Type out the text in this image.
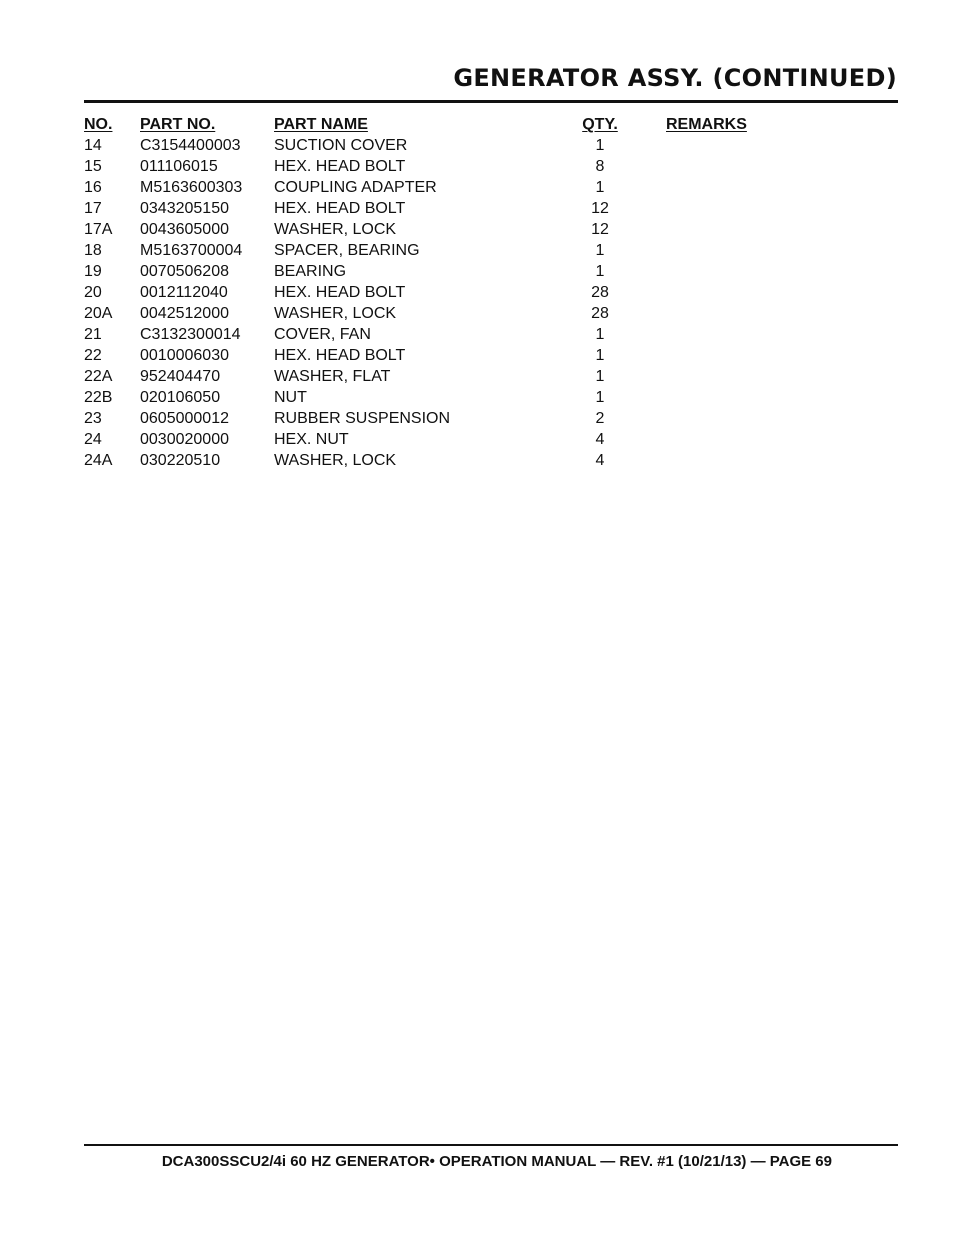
GENERATOR ASSY. (CONTINUED)
NO. PART NO.	PART NAME	QTY.	REMARKS
14 C3154400003 SUCTION COVER	1
15 011106015	HEX. HEAD BOLT	8
16 M5163600303 COUPLING ADAPTER	1
17 0343205150	HEX. HEAD BOLT	12
17A 0043605000	WASHER, LOCK	12
18 M5163700004 SPACER, BEARING	1
19 0070506208	BEARING	1
20 0012112040	HEX. HEAD BOLT	28
20A 0042512000	WASHER, LOCK	28
21 C3132300014 COVER, FAN	1
22 0010006030	HEX. HEAD BOLT	1
22A 952404470	WASHER, FLAT	1
22B 020106050	NUT	1
23 0605000012	RUBBER SUSPENSION	2
24 0030020000	HEX. NUT	4
24A 030220510	WASHER, LOCK	4
DCA300SSCU2/4i 60 HZ GENERATOR• OPERATION MANUAL — REV. #1 (10/21/13) — PAGE 69
